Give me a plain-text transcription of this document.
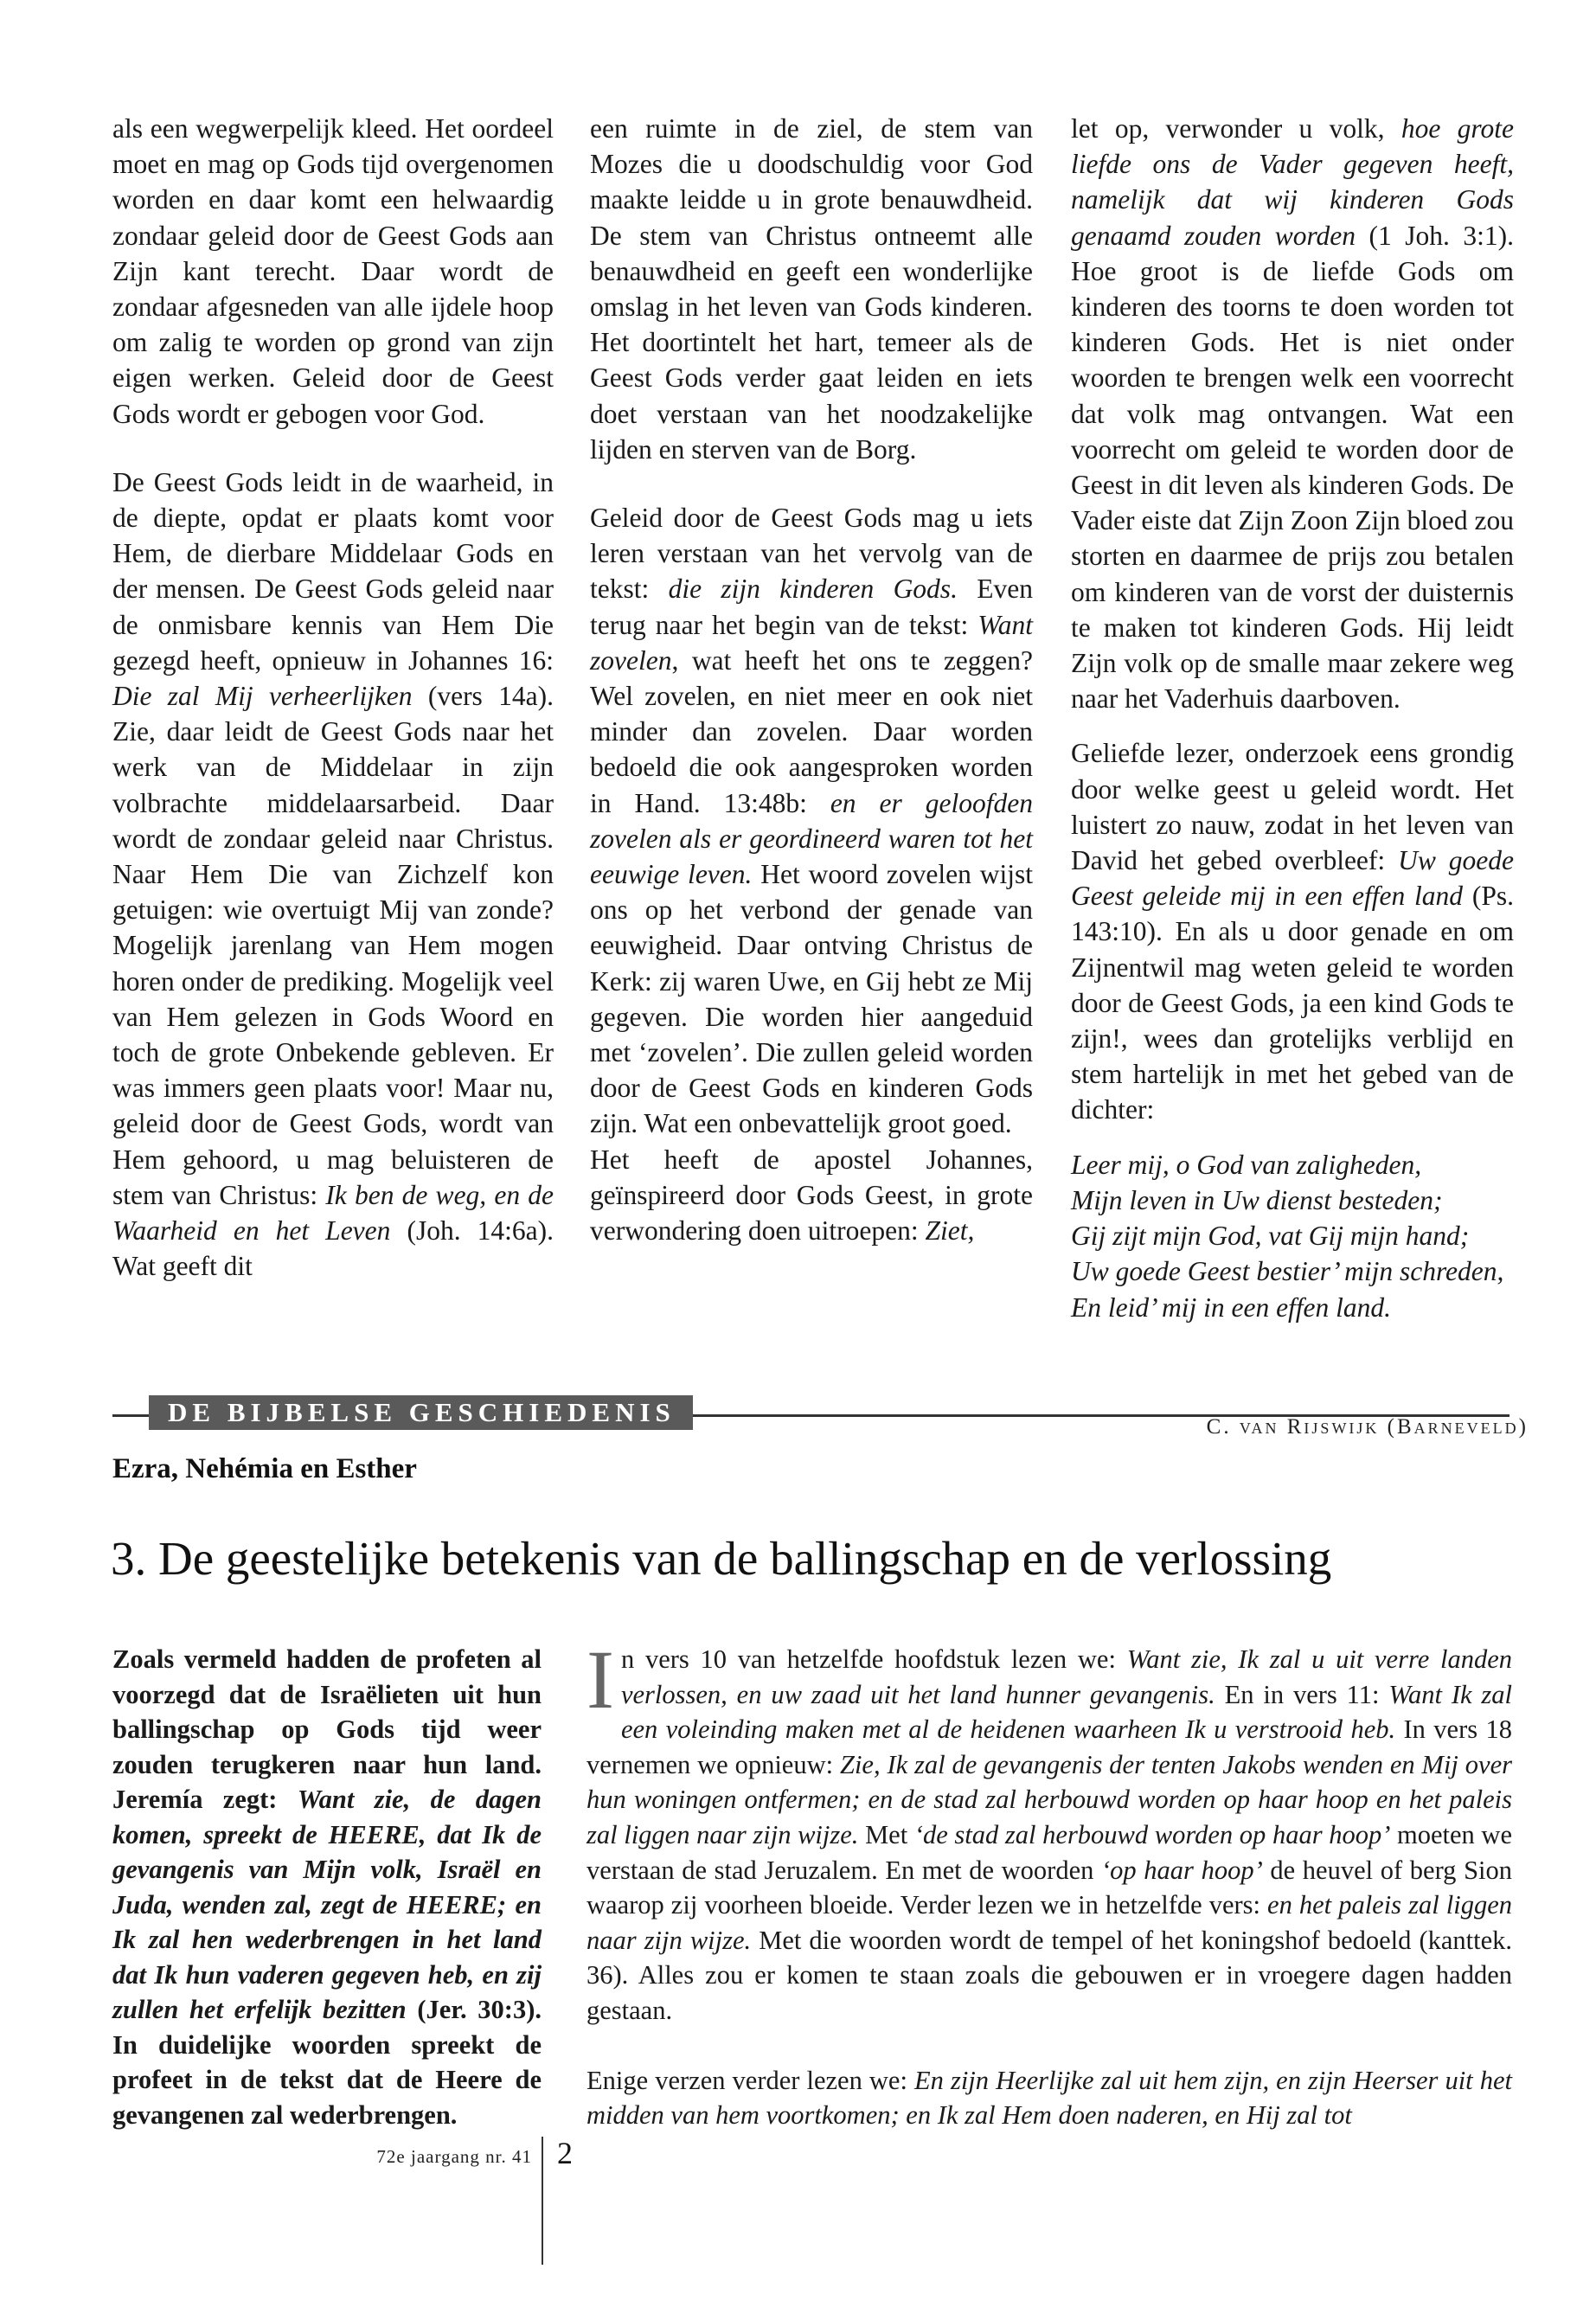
als een wegwerpelijk kleed. Het oordeel moet en mag op Gods tijd overgenomen worden en daar komt een helwaardig zondaar geleid door de Geest Gods aan Zijn kant terecht. Daar wordt de zondaar afgesneden van alle ijdele hoop om zalig te worden op grond van zijn eigen werken. Geleid door de Geest Gods wordt er gebogen voor God.

De Geest Gods leidt in de waarheid, in de diepte, opdat er plaats komt voor Hem, de dierbare Middelaar Gods en der mensen. De Geest Gods geleid naar de onmisbare kennis van Hem Die gezegd heeft, opnieuw in Johannes 16: Die zal Mij verheerlijken (vers 14a). Zie, daar leidt de Geest Gods naar het werk van de Middelaar in zijn volbrachte middelaarsarbeid. Daar wordt de zondaar geleid naar Christus. Naar Hem Die van Zichzelf kon getuigen: wie overtuigt Mij van zonde? Mogelijk jarenlang van Hem mogen horen onder de prediking. Mogelijk veel van Hem gelezen in Gods Woord en toch de grote Onbekende gebleven. Er was immers geen plaats voor! Maar nu, geleid door de Geest Gods, wordt van Hem gehoord, u mag beluisteren de stem van Christus: Ik ben de weg, en de Waarheid en het Leven (Joh. 14:6a). Wat geeft dit

een ruimte in de ziel, de stem van Mozes die u doodschuldig voor God maakte leidde u in grote benauwdheid. De stem van Christus ontneemt alle benauwdheid en geeft een wonderlijke omslag in het leven van Gods kinderen. Het doortintelt het hart, temeer als de Geest Gods verder gaat leiden en iets doet verstaan van het noodzakelijke lijden en sterven van de Borg.

Geleid door de Geest Gods mag u iets leren verstaan van het vervolg van de tekst: die zijn kinderen Gods. Even terug naar het begin van de tekst: Want zovelen, wat heeft het ons te zeggen? Wel zovelen, en niet meer en ook niet minder dan zovelen. Daar worden bedoeld die ook aangesproken worden in Hand. 13:48b: en er geloofden zovelen als er geordineerd waren tot het eeuwige leven. Het woord zovelen wijst ons op het verbond der genade van eeuwigheid. Daar ontving Christus de Kerk: zij waren Uwe, en Gij hebt ze Mij gegeven. Die worden hier aangeduid met ‘zovelen’. Die zullen geleid worden door de Geest Gods en kinderen Gods zijn. Wat een onbevattelijk groot goed.

Het heeft de apostel Johannes, geïnspireerd door Gods Geest, in grote verwondering doen uitroepen: Ziet,

let op, verwonder u volk, hoe grote liefde ons de Vader gegeven heeft, namelijk dat wij kinderen Gods genaamd zouden worden (1 Joh. 3:1). Hoe groot is de liefde Gods om kinderen des toorns te doen worden tot kinderen Gods. Het is niet onder woorden te brengen welk een voorrecht dat volk mag ontvangen. Wat een voorrecht om geleid te worden door de Geest in dit leven als kinderen Gods. De Vader eiste dat Zijn Zoon Zijn bloed zou storten en daarmee de prijs zou betalen om kinderen van de vorst der duisternis te maken tot kinderen Gods. Hij leidt Zijn volk op de smalle maar zekere weg naar het Vaderhuis daarboven.

Geliefde lezer, onderzoek eens grondig door welke geest u geleid wordt. Het luistert zo nauw, zodat in het leven van David het gebed overbleef: Uw goede Geest geleide mij in een effen land (Ps. 143:10). En als u door genade en om Zijnentwil mag weten geleid te worden door de Geest Gods, ja een kind Gods te zijn!, wees dan grotelijks verblijd en stem hartelijk in met het gebed van de dichter:

Leer mij, o God van zaligheden,
Mijn leven in Uw dienst besteden;
Gij zijt mijn God, vat Gij mijn hand;
Uw goede Geest bestier’ mijn schreden,
En leid’ mij in een effen land.

DE BIJBELSE GESCHIEDENIS	C. van Rijswijk (Barneveld)
Ezra, Nehémia en Esther
3. De geestelijke betekenis van de ballingschap en de verlossing

Zoals vermeld hadden de profeten al voorzegd dat de Israëlieten uit hun ballingschap op Gods tijd weer zouden terugkeren naar hun land. Jeremía zegt: Want zie, de dagen komen, spreekt de HEERE, dat Ik de gevangenis van Mijn volk, Israël en Juda, wenden zal, zegt de HEERE; en Ik zal hen wederbrengen in het land dat Ik hun vaderen gegeven heb, en zij zullen het erfelijk bezitten (Jer. 30:3). In duidelijke woorden spreekt de profeet in de tekst dat de Heere de gevangenen zal wederbrengen.

In vers 10 van hetzelfde hoofdstuk lezen we: Want zie, Ik zal u uit verre landen verlossen, en uw zaad uit het land hunner gevangenis. En in vers 11: Want Ik zal een voleinding maken met al de heidenen waarheen Ik u verstrooid heb. In vers 18 vernemen we opnieuw: Zie, Ik zal de gevangenis der tenten Jakobs wenden en Mij over hun woningen ontfermen; en de stad zal herbouwd worden op haar hoop en het paleis zal liggen naar zijn wijze. Met ‘de stad zal herbouwd worden op haar hoop’ moeten we verstaan de stad Jeruzalem. En met de woorden ‘op haar hoop’ de heuvel of berg Sion waarop zij voorheen bloeide. Verder lezen we in hetzelfde vers: en het paleis zal liggen naar zijn wijze. Met die woorden wordt de tempel of het koningshof bedoeld (kanttek. 36). Alles zou er komen te staan zoals die gebouwen er in vroegere dagen hadden gestaan.

Enige verzen verder lezen we: En zijn Heerlijke zal uit hem zijn, en zijn Heerser uit het midden van hem voortkomen; en Ik zal Hem doen naderen, en Hij zal tot

72e jaargang nr. 41 2
